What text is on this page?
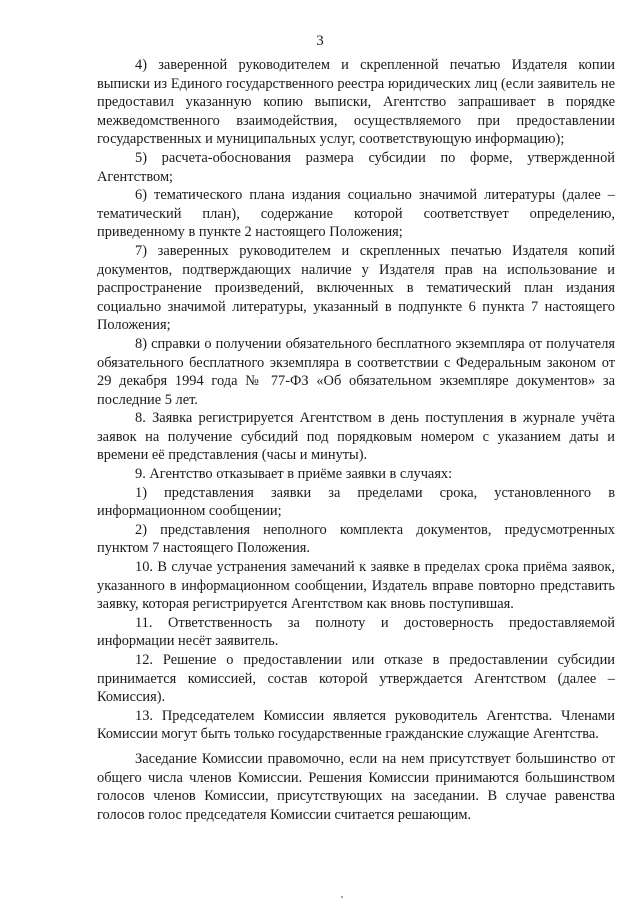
3

4) заверенной руководителем и скрепленной печатью Издателя копии выписки из Единого государственного реестра юридических лиц (если заявитель не предоставил указанную копию выписки, Агентство запрашивает в порядке межведомственного взаимодействия, осуществляемого при предоставлении государственных и муниципальных услуг, соответствующую информацию);

5) расчета-обоснования размера субсидии по форме, утвержденной Агентством;

6) тематического плана издания социально значимой литературы (далее – тематический план), содержание которой соответствует определению, приведенному в пункте 2 настоящего Положения;

7) заверенных руководителем и скрепленных печатью Издателя копий документов, подтверждающих наличие у Издателя прав на использование и распространение произведений, включенных в тематический план издания социально значимой литературы, указанный в подпункте 6 пункта 7 настоящего Положения;

8) справки о получении обязательного бесплатного экземпляра от получателя обязательного бесплатного экземпляра в соответствии с Федеральным законом от 29 декабря 1994 года № 77-ФЗ «Об обязательном экземпляре документов» за последние 5 лет.

8. Заявка регистрируется Агентством в день поступления в журнале учёта заявок на получение субсидий под порядковым номером с указанием даты и времени её представления (часы и минуты).

9. Агентство отказывает в приёме заявки в случаях:

1) представления заявки за пределами срока, установленного в информационном сообщении;

2) представления неполного комплекта документов, предусмотренных пунктом 7 настоящего Положения.

10. В случае устранения замечаний к заявке в пределах срока приёма заявок, указанного в информационном сообщении, Издатель вправе повторно представить заявку, которая регистрируется Агентством как вновь поступившая.

11. Ответственность за полноту и достоверность предоставляемой информации несёт заявитель.

12. Решение о предоставлении или отказе в предоставлении субсидии принимается комиссией, состав которой утверждается Агентством (далее – Комиссия).

13. Председателем Комиссии является руководитель Агентства. Членами Комиссии могут быть только государственные гражданские служащие Агентства.

Заседание Комиссии правомочно, если на нем присутствует большинство от общего числа членов Комиссии. Решения Комиссии принимаются большинством голосов членов Комиссии, присутствующих на заседании. В случае равенства голосов голос председателя Комиссии считается решающим.
